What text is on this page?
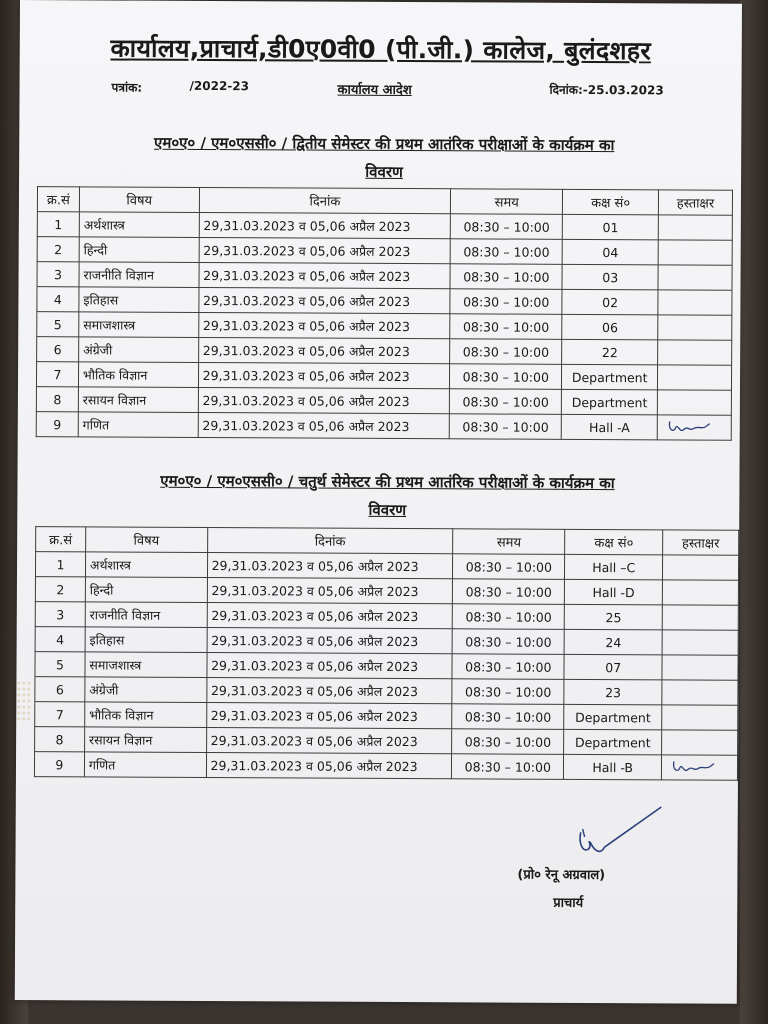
कार्यालय,प्राचार्य,डी0ए0वी0 (पी.जी.) कालेज, बुलंदशहर
पत्रांक:	/2022-23	कार्यालय आदेश	दिनांक:-25.03.2023
एम०ए० / एम०एससी० / द्वितीय सेमेस्टर की प्रथम आतंरिक परीक्षाओं के कार्यक्रम का
विवरण
क्र.सं	विषय	दिनांक	समय	कक्ष सं०	हस्ताक्षर
1	अर्थशास्त्र	29,31.03.2023 व 05,06 अप्रैल 2023	08:30 – 10:00	01	
2	हिन्दी	29,31.03.2023 व 05,06 अप्रैल 2023	08:30 – 10:00	04	
3	राजनीति विज्ञान	29,31.03.2023 व 05,06 अप्रैल 2023	08:30 – 10:00	03	
4	इतिहास	29,31.03.2023 व 05,06 अप्रैल 2023	08:30 – 10:00	02	
5	समाजशास्त्र	29,31.03.2023 व 05,06 अप्रैल 2023	08:30 – 10:00	06	
6	अंग्रेजी	29,31.03.2023 व 05,06 अप्रैल 2023	08:30 – 10:00	22	
7	भौतिक विज्ञान	29,31.03.2023 व 05,06 अप्रैल 2023	08:30 – 10:00	Department	
8	रसायन विज्ञान	29,31.03.2023 व 05,06 अप्रैल 2023	08:30 – 10:00	Department	
9	गणित	29,31.03.2023 व 05,06 अप्रैल 2023	08:30 – 10:00	Hall -A	
एम०ए० / एम०एससी० / चतुर्थ सेमेस्टर की प्रथम आतंरिक परीक्षाओं के कार्यक्रम का
विवरण
क्र.सं	विषय	दिनांक	समय	कक्ष सं०	हस्ताक्षर
1	अर्थशास्त्र	29,31.03.2023 व 05,06 अप्रैल 2023	08:30 – 10:00	Hall –C	
2	हिन्दी	29,31.03.2023 व 05,06 अप्रैल 2023	08:30 – 10:00	Hall -D	
3	राजनीति विज्ञान	29,31.03.2023 व 05,06 अप्रैल 2023	08:30 – 10:00	25	
4	इतिहास	29,31.03.2023 व 05,06 अप्रैल 2023	08:30 – 10:00	24	
5	समाजशास्त्र	29,31.03.2023 व 05,06 अप्रैल 2023	08:30 – 10:00	07	
6	अंग्रेजी	29,31.03.2023 व 05,06 अप्रैल 2023	08:30 – 10:00	23	
7	भौतिक विज्ञान	29,31.03.2023 व 05,06 अप्रैल 2023	08:30 – 10:00	Department	
8	रसायन विज्ञान	29,31.03.2023 व 05,06 अप्रैल 2023	08:30 – 10:00	Department	
9	गणित	29,31.03.2023 व 05,06 अप्रैल 2023	08:30 – 10:00	Hall -B	
(प्रो० रेनू अग्रवाल)
प्राचार्य
